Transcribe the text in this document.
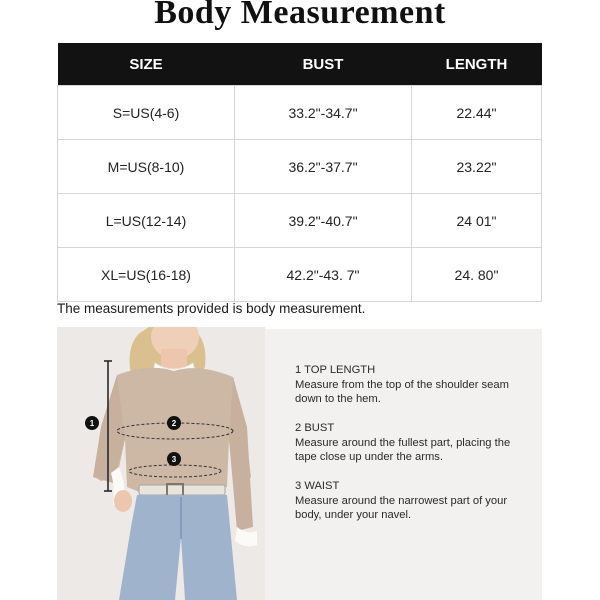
Body Measurement
SIZE	BUST	LENGTH
S=US(4-6)	33.2"-34.7"	22.44"
M=US(8-10)	36.2"-37.7"	23.22"
L=US(12-14)	39.2"-40.7"	24 01"
XL=US(16-18)	42.2"-43. 7"	24. 80"
The measurements provided is body measurement.
1	2
3
1 TOP LENGTH
Measure from the top of the shoulder seam down to the hem.
2 BUST
Measure around the fullest part, placing the tape close up under the arms.
3 WAIST
Measure around the narrowest part of your body, under your navel.
